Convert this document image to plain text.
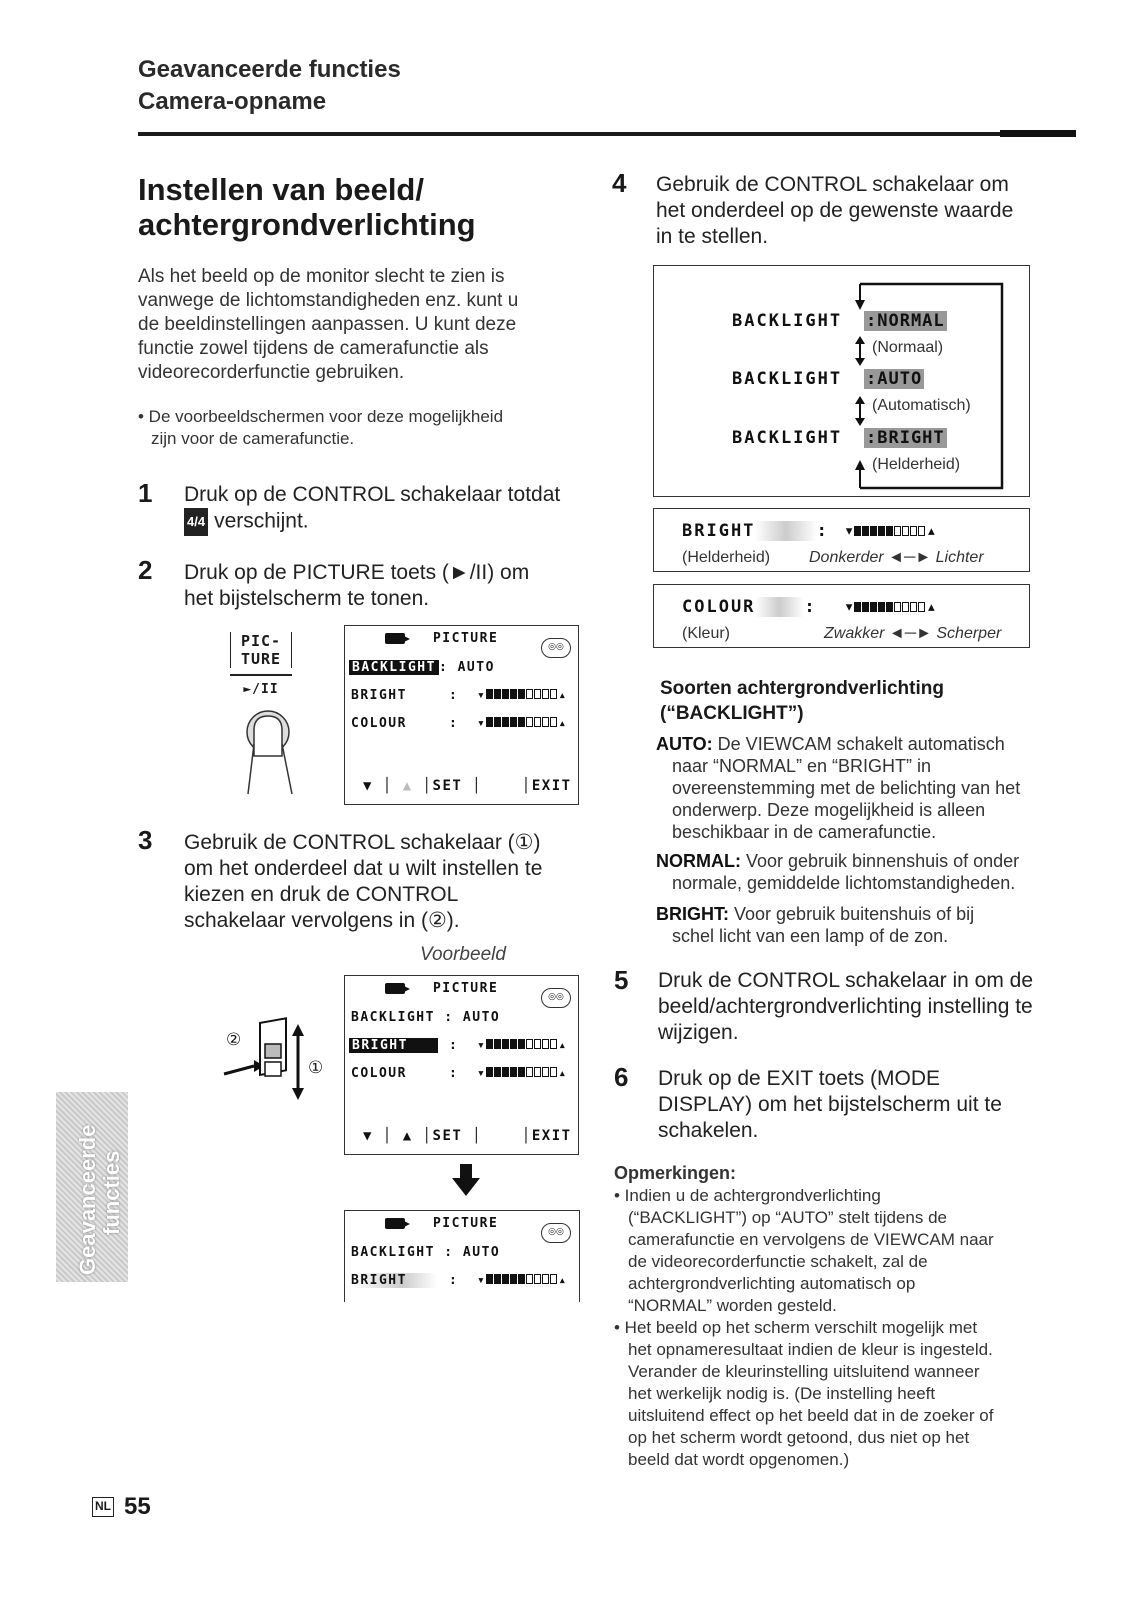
Geavanceerde functies
Camera-opname
Instellen van beeld/
achtergrondverlichting
Als het beeld op de monitor slecht te zien is
vanwege de lichtomstandigheden enz. kunt u
de beeldinstellingen aanpassen. U kunt deze
functie zowel tijdens de camerafunctie als
videorecorderfunctie gebruiken.
• De voorbeeldschermen voor deze mogelijkheid
zijn voor de camerafunctie.
1 Druk op de CONTROL schakelaar totdat
4/4 verschijnt.
2 Druk op de PICTURE toets (►/II) om
het bijstelscherm te tonen.
PIC-
TURE
►/II
PICTURE
◎◎
BACKLIGHT : AUTO
BRIGHT	:  ▾	▴
COLOUR	:  ▾	▴
▼ │ ▲ │SET │    │EXIT
3 Gebruik de CONTROL schakelaar (①)
om het onderdeel dat u wilt instellen te
kiezen en druk de CONTROL
schakelaar vervolgens in (②).
Voorbeeld
②
①
PICTURE
◎◎
BACKLIGHT : AUTO
BRIGHT	:  ▾	▴
COLOUR	:  ▾	▴
▼ │ ▲ │SET │    │EXIT
PICTURE
◎◎
BACKLIGHT : AUTO
BRIGHT	:  ▾	▴
Geavanceerde functies
NL 55
4 Gebruik de CONTROL schakelaar om
het onderdeel op de gewenste waarde
in te stellen.
BACKLIGHT :NORMAL
(Normaal)
BACKLIGHT :AUTO
(Automatisch)
BACKLIGHT :BRIGHT
(Helderheid)
BRIGHT	: ▾	▴
(Helderheid) Donkerder ◄─► Lichter
COLOUR	: ▾	▴
(Kleur)	Zwakker ◄─► Scherper
Soorten achtergrondverlichting
(“BACKLIGHT”)
AUTO: De VIEWCAM schakelt automatisch
naar “NORMAL” en “BRIGHT” in
overeenstemming met de belichting van het
onderwerp. Deze mogelijkheid is alleen
beschikbaar in de camerafunctie.
NORMAL: Voor gebruik binnenshuis of onder
normale, gemiddelde lichtomstandigheden.
BRIGHT: Voor gebruik buitenshuis of bij
schel licht van een lamp of de zon.
5 Druk de CONTROL schakelaar in om de
beeld/achtergrondverlichting instelling te
wijzigen.
6 Druk op de EXIT toets (MODE
DISPLAY) om het bijstelscherm uit te
schakelen.
Opmerkingen:
• Indien u de achtergrondverlichting
(“BACKLIGHT”) op “AUTO” stelt tijdens de
camerafunctie en vervolgens de VIEWCAM naar
de videorecorderfunctie schakelt, zal de
achtergrondverlichting automatisch op
“NORMAL” worden gesteld.
• Het beeld op het scherm verschilt mogelijk met
het opnameresultaat indien de kleur is ingesteld.
Verander de kleurinstelling uitsluitend wanneer
het werkelijk nodig is. (De instelling heeft
uitsluitend effect op het beeld dat in de zoeker of
op het scherm wordt getoond, dus niet op het
beeld dat wordt opgenomen.)
